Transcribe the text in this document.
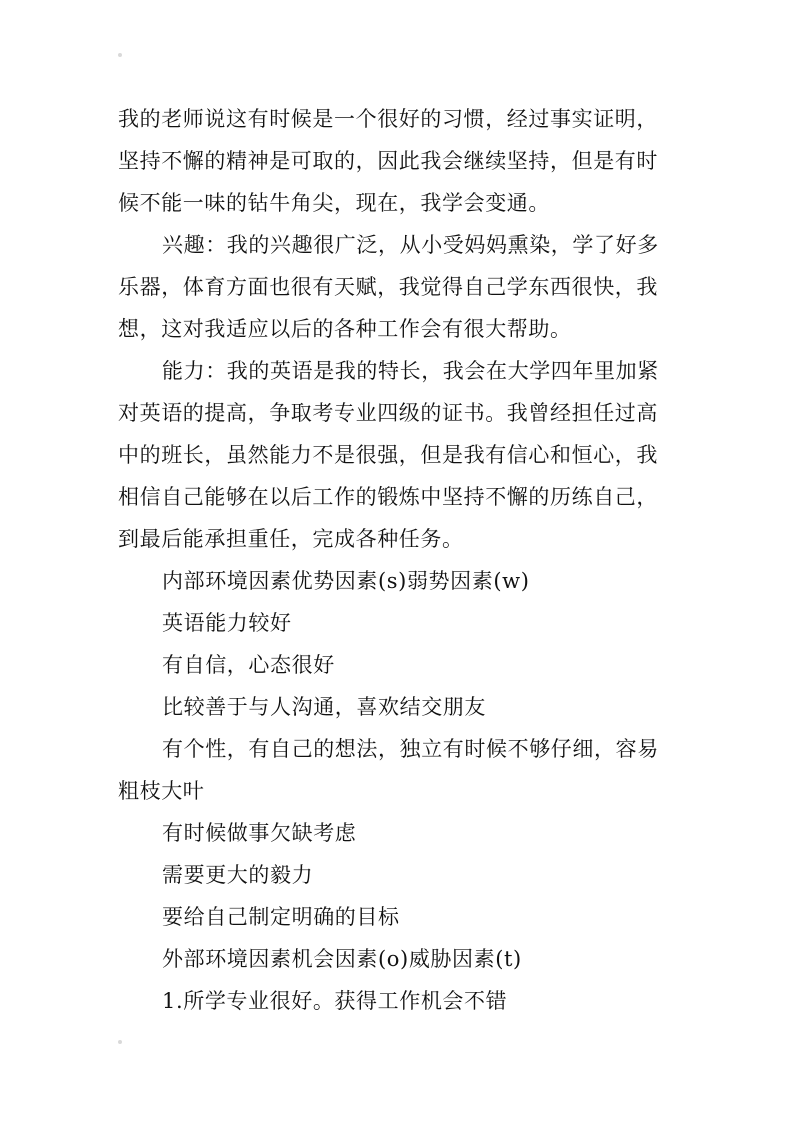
我的老师说这有时候是一个很好的习惯，经过事实证明，坚持不懈的精神是可取的，因此我会继续坚持，但是有时候不能一味的钻牛角尖，现在，我学会变通。

兴趣：我的兴趣很广泛，从小受妈妈熏染，学了好多乐器，体育方面也很有天赋，我觉得自己学东西很快，我想，这对我适应以后的各种工作会有很大帮助。

能力：我的英语是我的特长，我会在大学四年里加紧对英语的提高，争取考专业四级的证书。我曾经担任过高中的班长，虽然能力不是很强，但是我有信心和恒心，我相信自己能够在以后工作的锻炼中坚持不懈的历练自己，到最后能承担重任，完成各种任务。

内部环境因素优势因素(s)弱势因素(w)

英语能力较好

有自信，心态很好

比较善于与人沟通，喜欢结交朋友

有个性，有自己的想法，独立有时候不够仔细，容易粗枝大叶

有时候做事欠缺考虑

需要更大的毅力

要给自己制定明确的目标

外部环境因素机会因素(o)威胁因素(t)

1.所学专业很好。获得工作机会不错
